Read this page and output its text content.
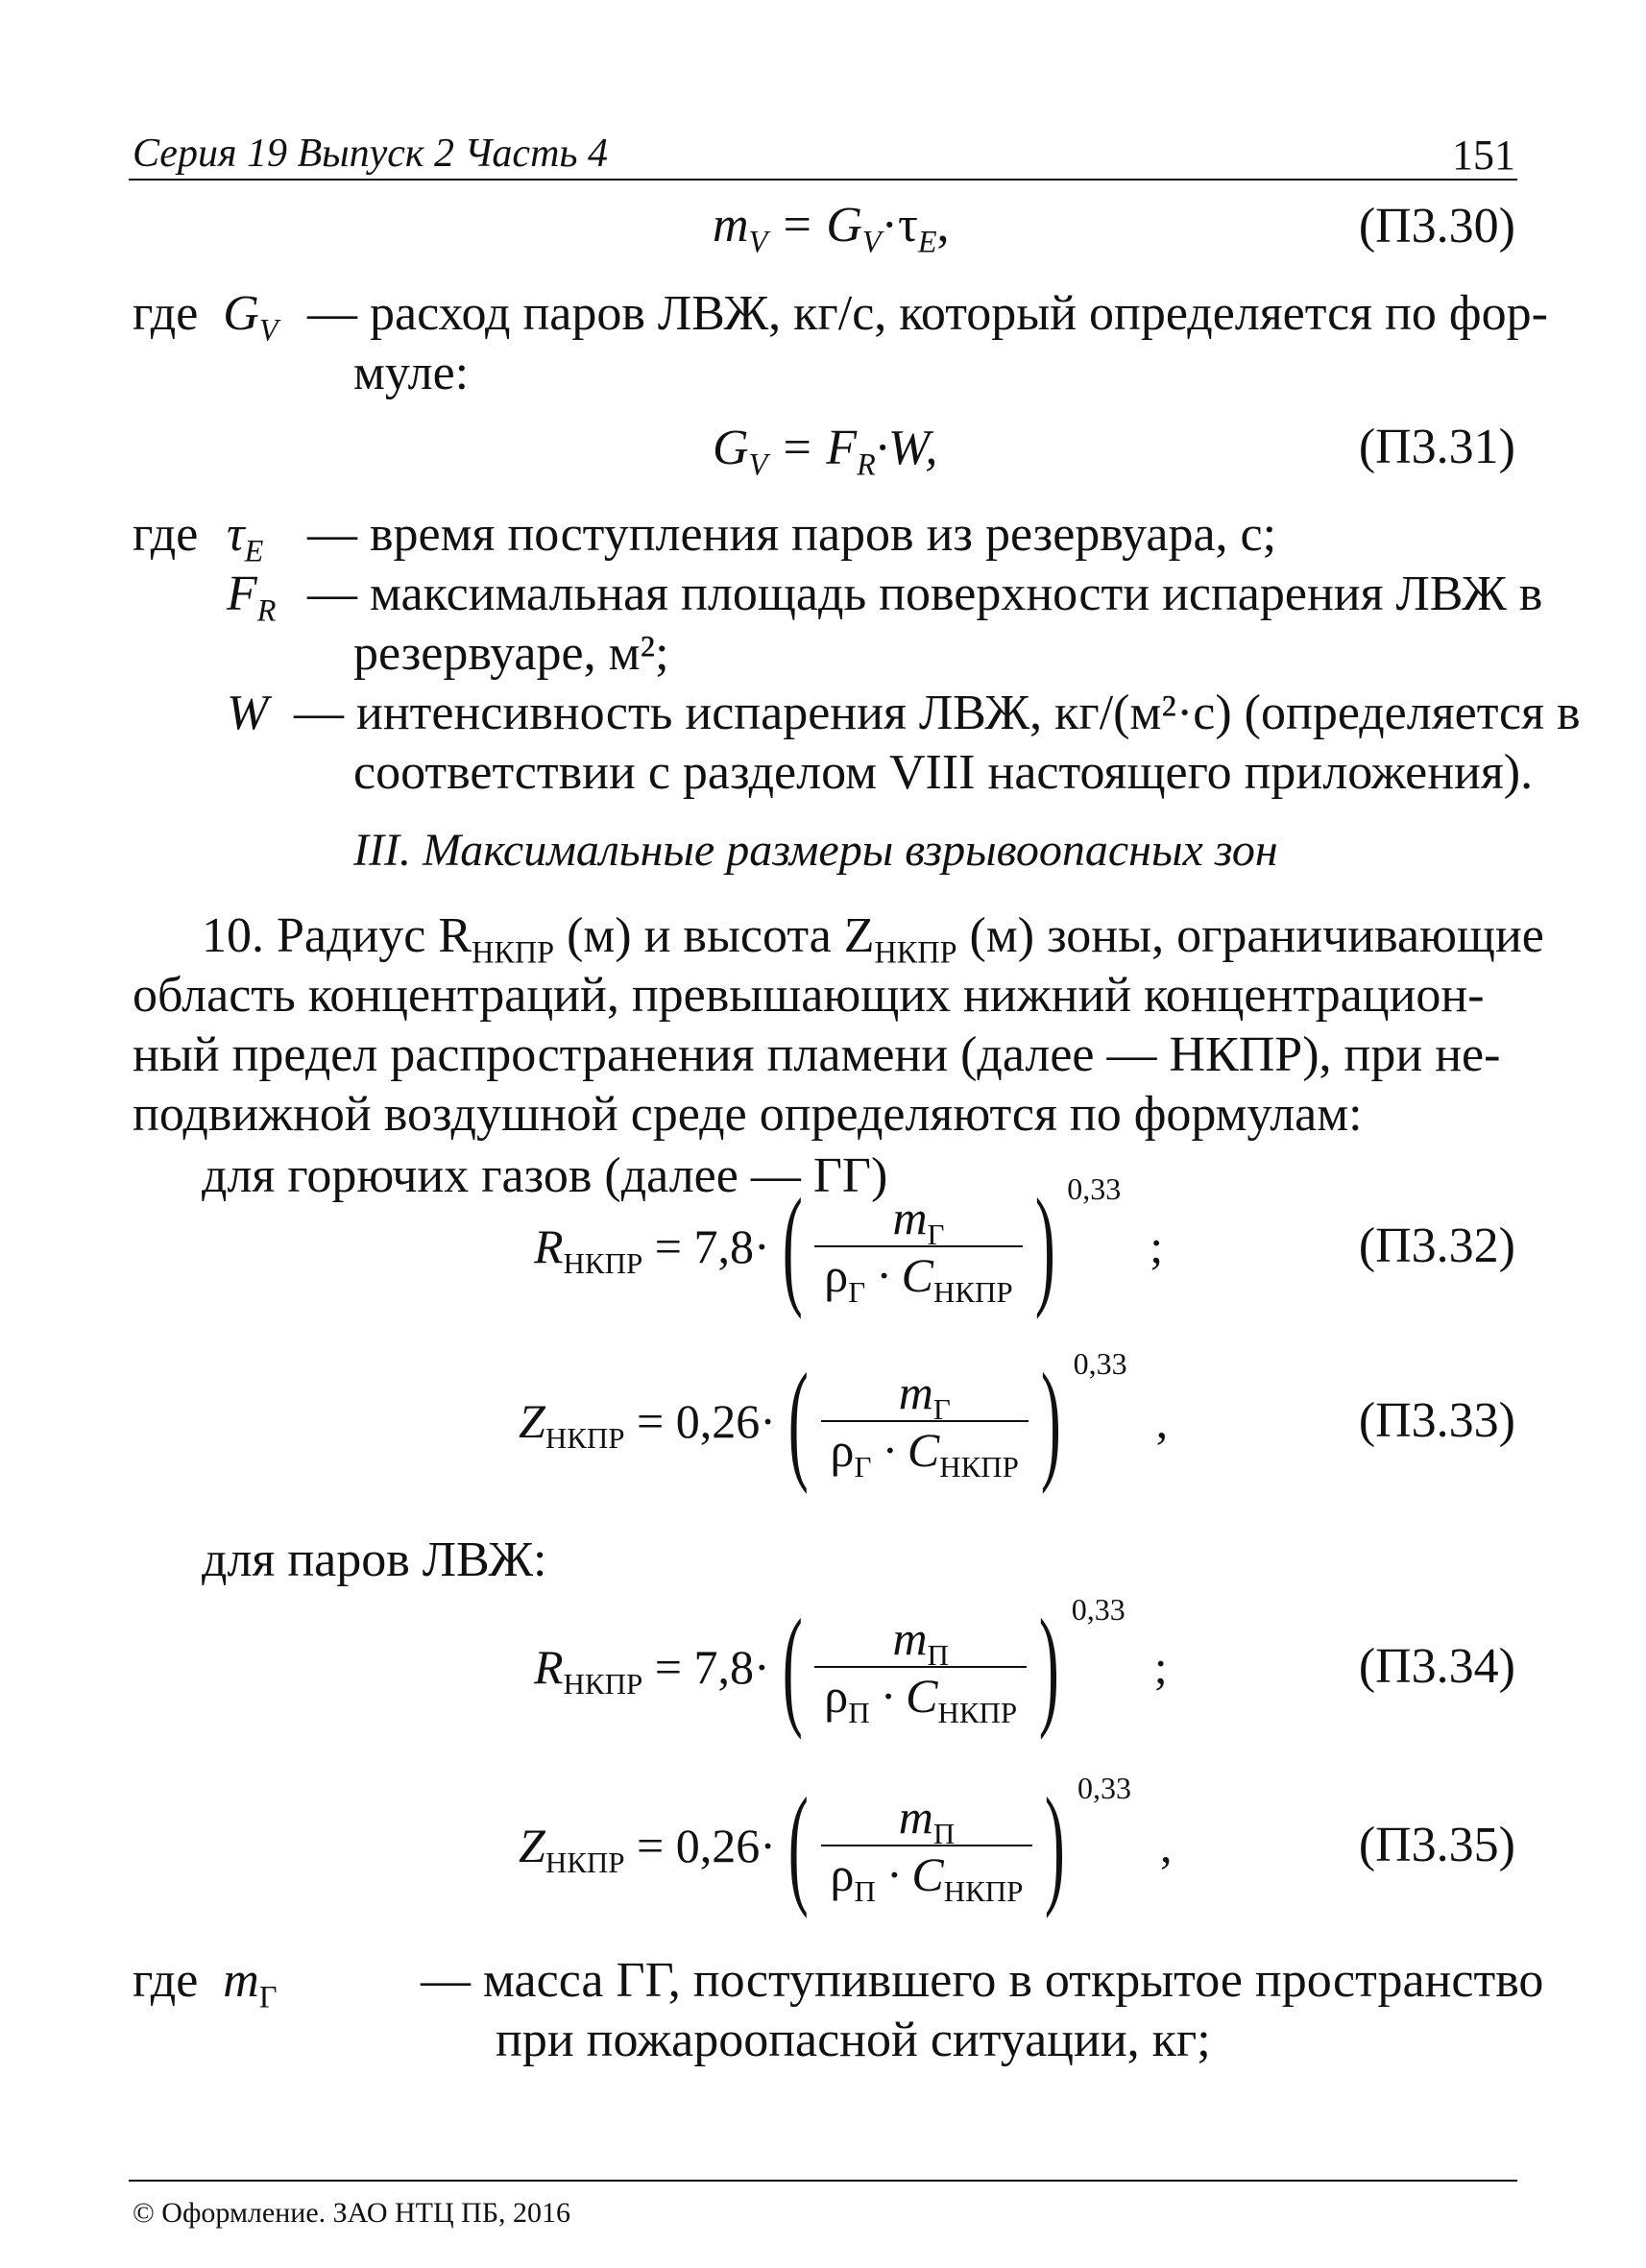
Серия 19 Выпуск 2 Часть 4	151
$m_V = G_V\cdot\tau_E$,	(П3.30)
где $G_V$ — расход паров ЛВЖ, кг/с, который определяется по фор-
муле:
$G_V = F_R\cdot W$,	(П3.31)
где $\tau_E$ — время поступления паров из резервуара, с;
$F_R$ — максимальная площадь поверхности испарения ЛВЖ в
резервуаре, м²;
W — интенсивность испарения ЛВЖ, кг/(м²·с) (определяется в
соответствии с разделом VIII настоящего приложения).
III. Максимальные размеры взрывоопасных зон
10. Радиус $R_{НКПР}$ (м) и высота $Z_{НКПР}$ (м) зоны, ограничивающие
область концентраций, превышающих нижний концентрацион-
ный предел распространения пламени (далее — НКПР), при не-
подвижной воздушной среде определяются по формулам:
для горючих газов (далее — ГГ)
$R_{НКПР} = 7,8\cdot$(	$m_Г$
$\rho_Г \cdot C_{НКПР}$ ) $^{0,33}$;	(П3.32)
$Z_{НКПР} = 0,26\cdot$(	$m_Г$
$\rho_Г \cdot C_{НКПР}$ ) $^{0,33}$,	(П3.33)
для паров ЛВЖ:
$R_{НКПР} = 7,8\cdot$(	$m_П$
$\rho_П \cdot C_{НКПР}$ ) $^{0,33}$;	(П3.34)
$Z_{НКПР} = 0,26\cdot$(	$m_П$
$\rho_П \cdot C_{НКПР}$ ) $^{0,33}$,	(П3.35)
где $m_Г$	— масса ГГ, поступившего в открытое пространство
при пожароопасной ситуации, кг;
© Оформление. ЗАО НТЦ ПБ, 2016
